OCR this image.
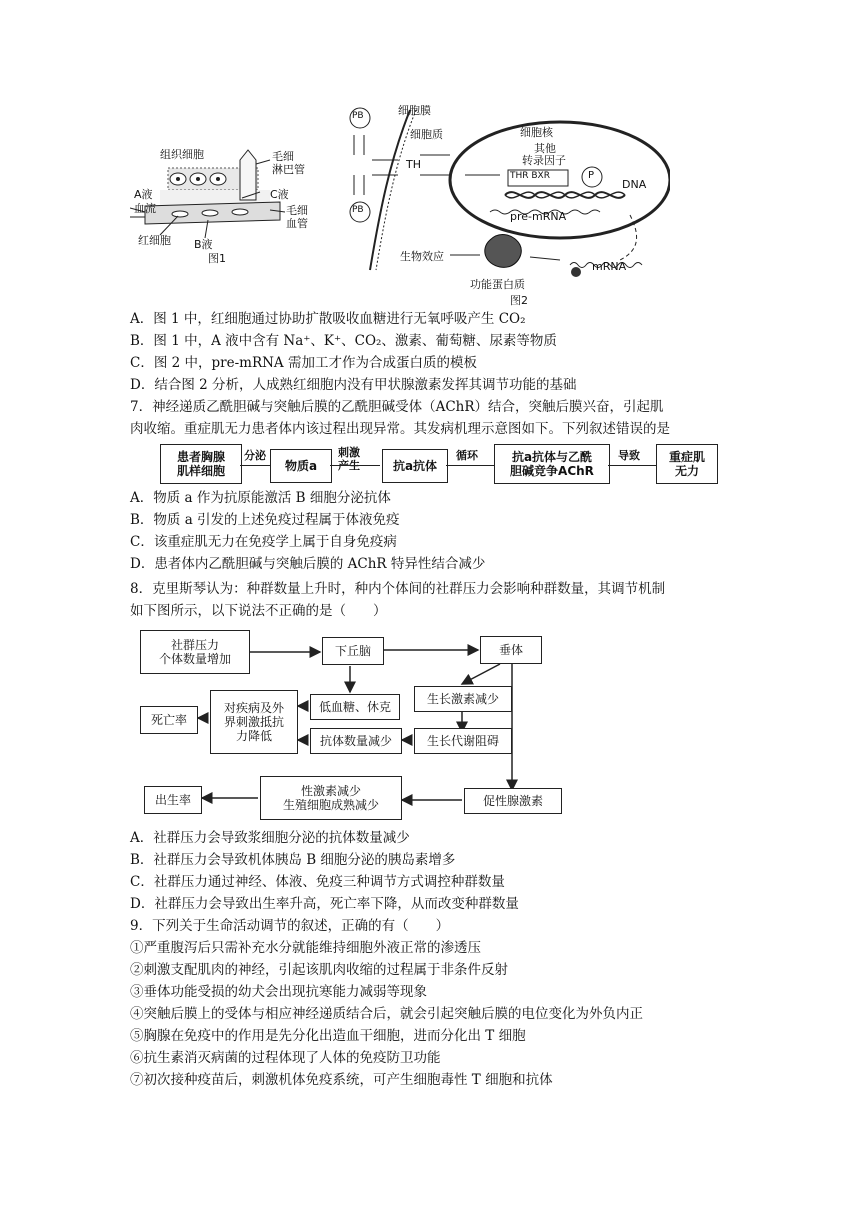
组织细胞	毛细
淋巴管
A液
血流
C液
毛细
血管
红细胞 B液
图1
细胞膜
细胞质	细胞核
其他
转录因子
PB
PB
TH
THR BXR	P
DNA
pre-mRNA
生物效应
功能蛋白质
mRNA
图2
A．图 1 中，红细胞通过协助扩散吸收血糖进行无氧呼吸产生 CO₂
B．图 1 中，A 液中含有 Na⁺、K⁺、CO₂、激素、葡萄糖、尿素等物质
C．图 2 中，pre-mRNA 需加工才作为合成蛋白质的模板
D．结合图 2 分析，人成熟红细胞内没有甲状腺激素发挥其调节功能的基础
7．神经递质乙酰胆碱与突触后膜的乙酰胆碱受体（AChR）结合，突触后膜兴奋，引起肌
肉收缩。重症肌无力患者体内该过程出现异常。其发病机理示意图如下。下列叙述错误的是
患者胸腺
肌样细胞
分泌
物质a
刺激
产生	抗a抗体
循环	抗a抗体与乙酰
胆碱竞争AChR
导致	重症肌
无力
A．物质 a 作为抗原能激活 B 细胞分泌抗体
B．物质 a 引发的上述免疫过程属于体液免疫
C．该重症肌无力在免疫学上属于自身免疫病
D．患者体内乙酰胆碱与突触后膜的 AChR 特异性结合减少
8．克里斯琴认为：种群数量上升时，种内个体间的社群压力会影响种群数量，其调节机制
如下图所示，以下说法不正确的是（　　）
社群压力
个体数量增加
下丘脑	垂体
生长激素减少
低血糖、休克
对疾病及外
界刺激抵抗
力降低
死亡率
生长代谢阻碍
抗体数量减少
性激素减少
生殖细胞成熟减少
出生率	促性腺激素
A．社群压力会导致浆细胞分泌的抗体数量减少
B．社群压力会导致机体胰岛 B 细胞分泌的胰岛素增多
C．社群压力通过神经、体液、免疫三种调节方式调控种群数量
D．社群压力会导致出生率升高，死亡率下降，从而改变种群数量
9．下列关于生命活动调节的叙述，正确的有（　　）
①严重腹泻后只需补充水分就能维持细胞外液正常的渗透压
②刺激支配肌肉的神经，引起该肌肉收缩的过程属于非条件反射
③垂体功能受损的幼犬会出现抗寒能力减弱等现象
④突触后膜上的受体与相应神经递质结合后，就会引起突触后膜的电位变化为外负内正
⑤胸腺在免疫中的作用是先分化出造血干细胞，进而分化出 T 细胞
⑥抗生素消灭病菌的过程体现了人体的免疫防卫功能
⑦初次接种疫苗后，刺激机体免疫系统，可产生细胞毒性 T 细胞和抗体
